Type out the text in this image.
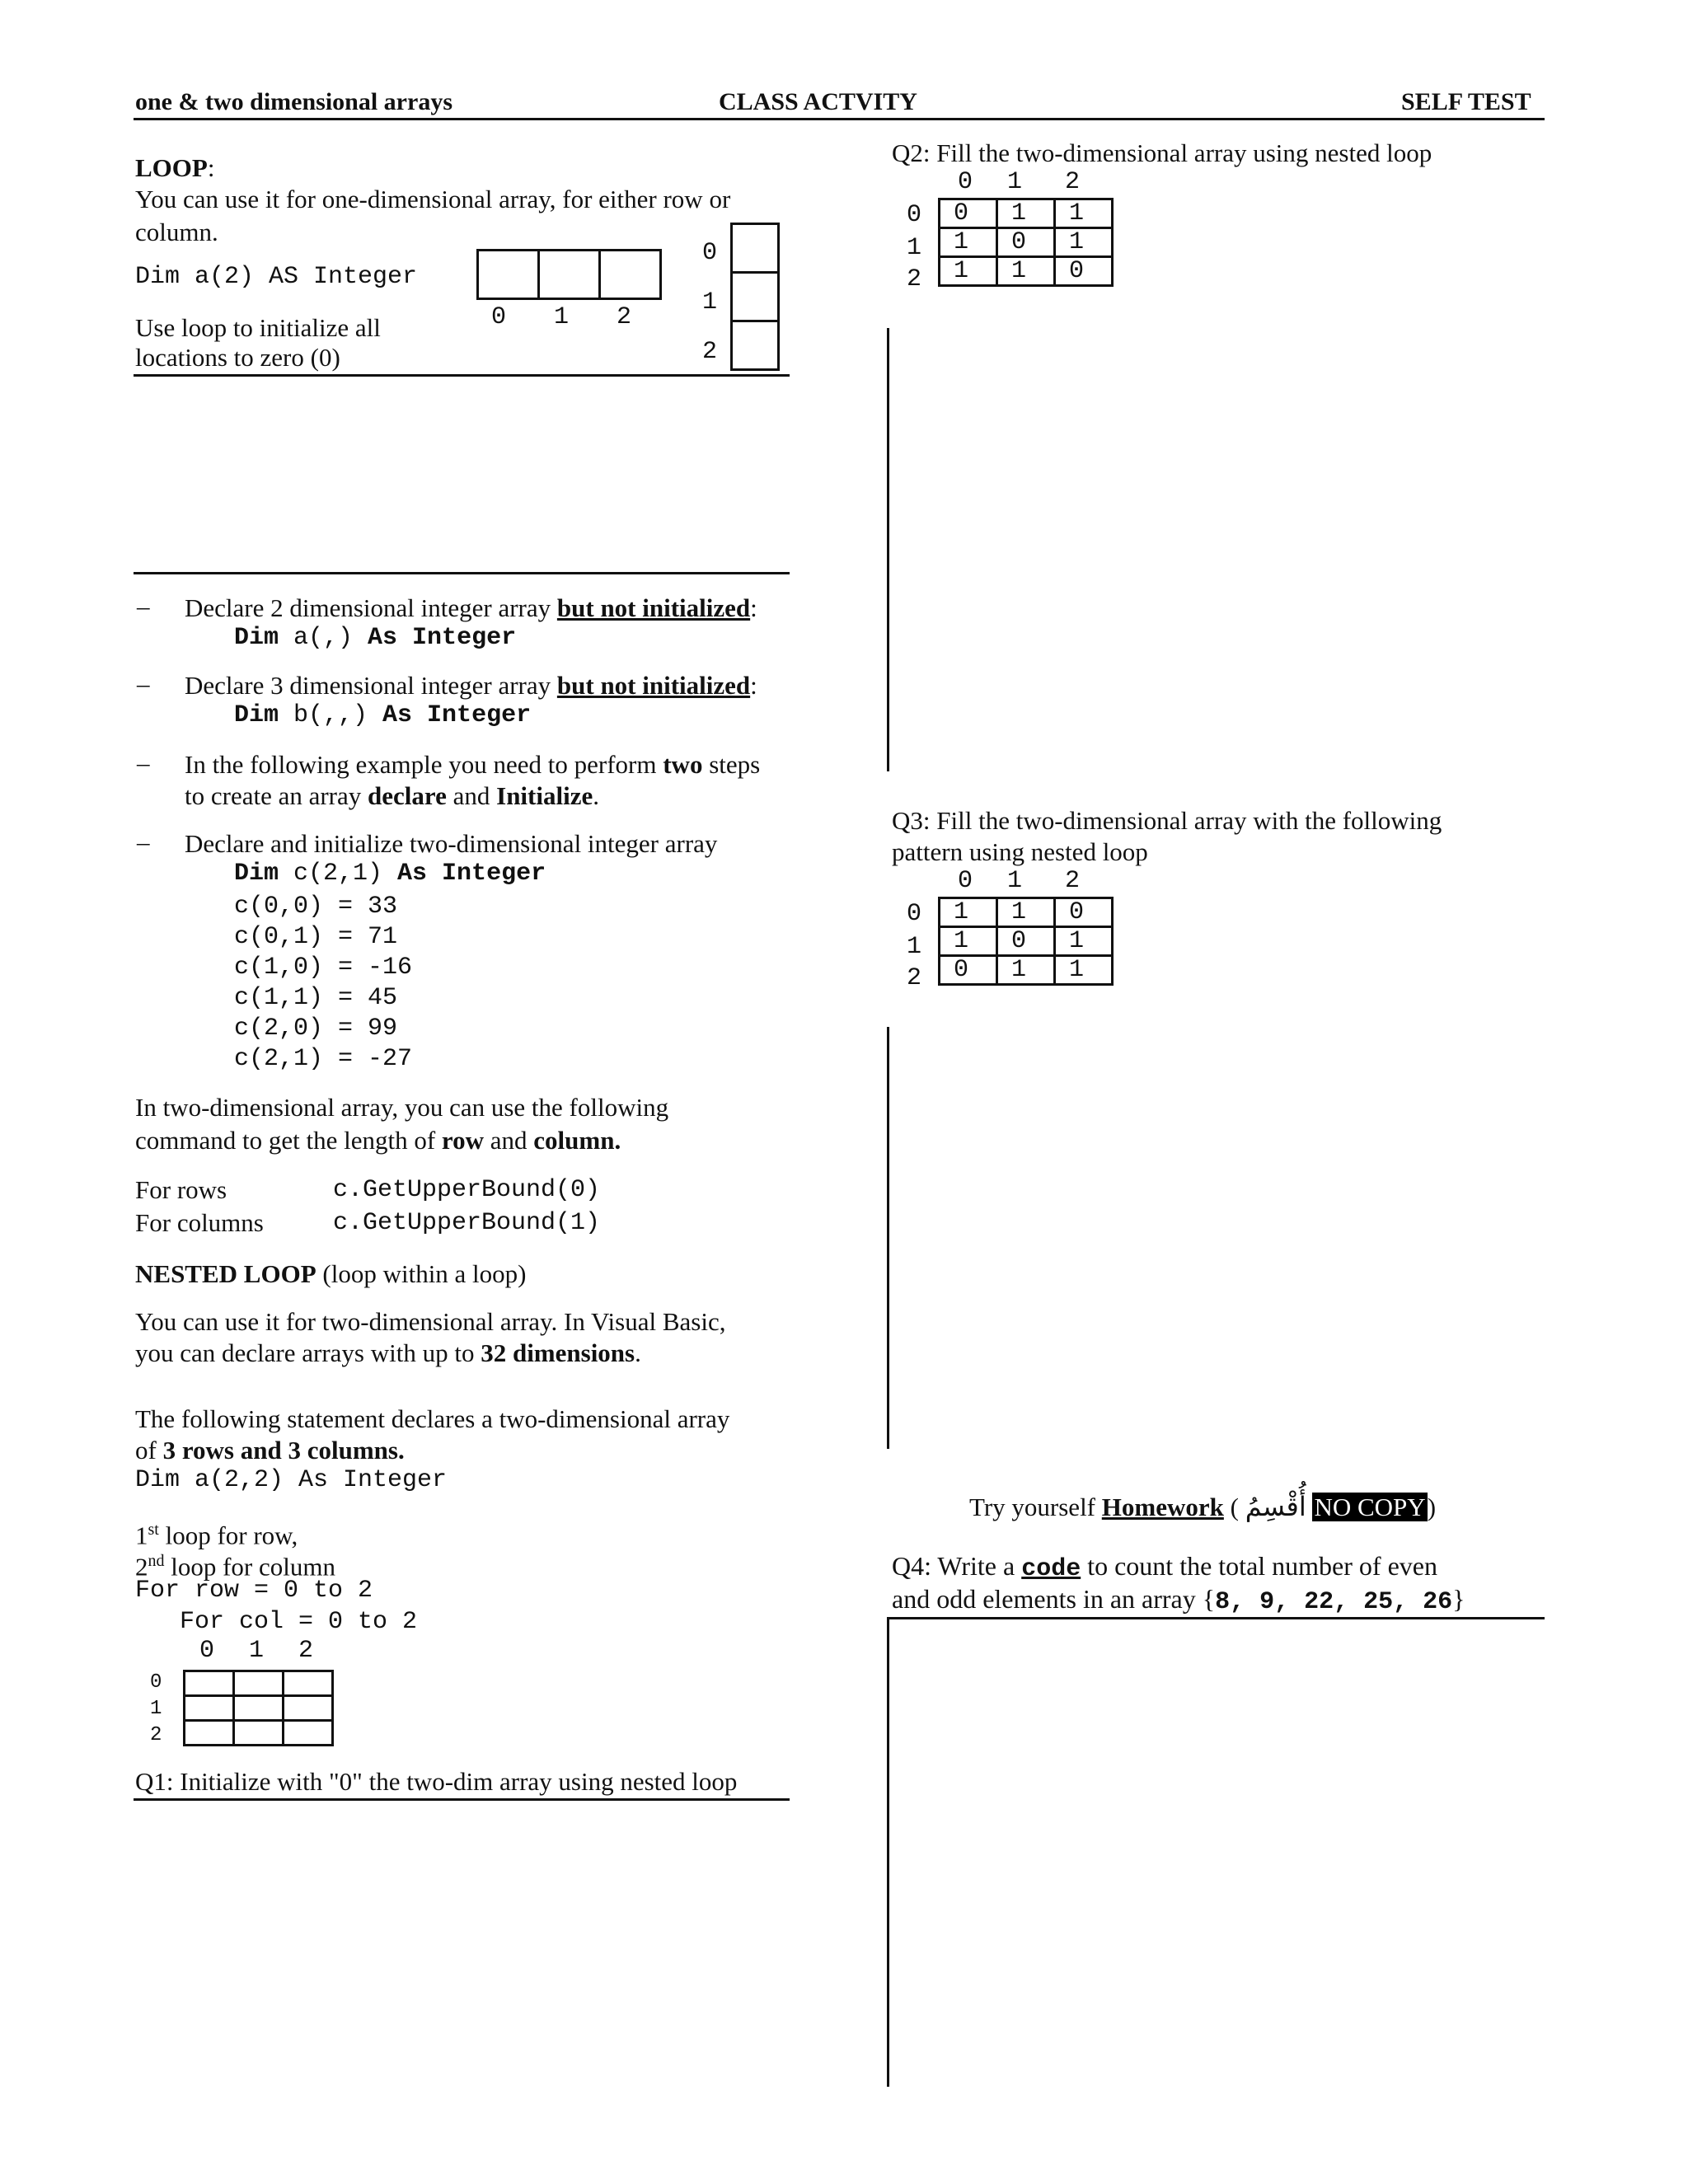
one & two dimensional arrays	CLASS ACTVITY	SELF TEST
LOOP:
You can use it for one-dimensional array, for either row or
column.
Dim a(2) AS Integer
Use loop to initialize all
locations to zero (0)
0 1 2
0
1
2
– Declare 2 dimensional integer array but not initialized:
Dim a(,) As Integer
– Declare 3 dimensional integer array but not initialized:
Dim b(,,) As Integer
– In the following example you need to perform two steps
to create an array declare and Initialize.
– Declare and initialize two-dimensional integer array
Dim c(2,1) As Integer
c(0,0) = 33
c(0,1) = 71
c(1,0) = -16
c(1,1) = 45
c(2,0) = 99
c(2,1) = -27
In two-dimensional array, you can use the following
command to get the length of row and column.
For rows	c.GetUpperBound(0)
For columns	c.GetUpperBound(1)
NESTED LOOP (loop within a loop)
You can use it for two-dimensional array. In Visual Basic,
you can declare arrays with up to 32 dimensions.
The following statement declares a two-dimensional array
of 3 rows and 3 columns.
Dim a(2,2) As Integer
1st loop for row,
2nd loop for column
For row = 0 to 2
For col = 0 to 2
0 1 2
0
1
2
Q1: Initialize with "0" the two-dim array using nested loop
Q2: Fill the two-dimensional array using nested loop
0 1 2
0
1
2
0	1	1
1	0	1
1	1	0
Q3: Fill the two-dimensional array with the following
pattern using nested loop
0 1 2
0
1
2
1	1	0
1	0	1
0	1	1
Try yourself Homework ( أُقْسِمُ NO COPY)
Q4: Write a code to count the total number of even
and odd elements in an array {8, 9, 22, 25, 26}
